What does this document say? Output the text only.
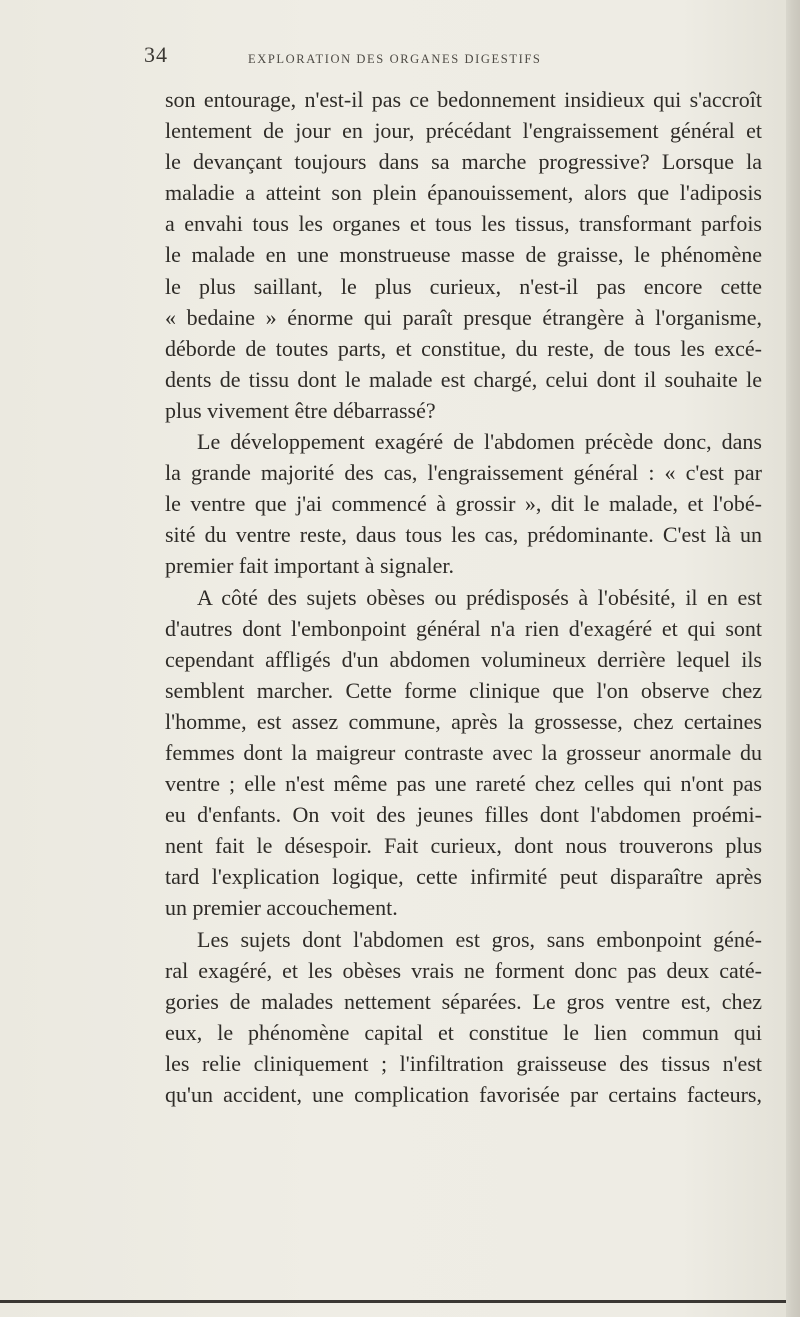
34	EXPLORATION DES ORGANES DIGESTIFS
son entourage, n'est-il pas ce bedonnement insidieux qui s'accroît
lentement de jour en jour, précédant l'engraissement général et
le devançant toujours dans sa marche progressive? Lorsque la
maladie a atteint son plein épanouissement, alors que l'adiposis
a envahi tous les organes et tous les tissus, transformant parfois
le malade en une monstrueuse masse de graisse, le phénomène
le plus saillant, le plus curieux, n'est-il pas encore cette
« bedaine » énorme qui paraît presque étrangère à l'organisme,
déborde de toutes parts, et constitue, du reste, de tous les excé-
dents de tissu dont le malade est chargé, celui dont il souhaite le
plus vivement être débarrassé?
Le développement exagéré de l'abdomen précède donc, dans
la grande majorité des cas, l'engraissement général : « c'est par
le ventre que j'ai commencé à grossir », dit le malade, et l'obé-
sité du ventre reste, daus tous les cas, prédominante. C'est là un
premier fait important à signaler.
A côté des sujets obèses ou prédisposés à l'obésité, il en est
d'autres dont l'embonpoint général n'a rien d'exagéré et qui sont
cependant affligés d'un abdomen volumineux derrière lequel ils
semblent marcher. Cette forme clinique que l'on observe chez
l'homme, est assez commune, après la grossesse, chez certaines
femmes dont la maigreur contraste avec la grosseur anormale du
ventre ; elle n'est même pas une rareté chez celles qui n'ont pas
eu d'enfants. On voit des jeunes filles dont l'abdomen proémi-
nent fait le désespoir. Fait curieux, dont nous trouverons plus
tard l'explication logique, cette infirmité peut disparaître après
un premier accouchement.
Les sujets dont l'abdomen est gros, sans embonpoint géné-
ral exagéré, et les obèses vrais ne forment donc pas deux caté-
gories de malades nettement séparées. Le gros ventre est, chez
eux, le phénomène capital et constitue le lien commun qui
les relie cliniquement ; l'infiltration graisseuse des tissus n'est
qu'un accident, une complication favorisée par certains facteurs,
